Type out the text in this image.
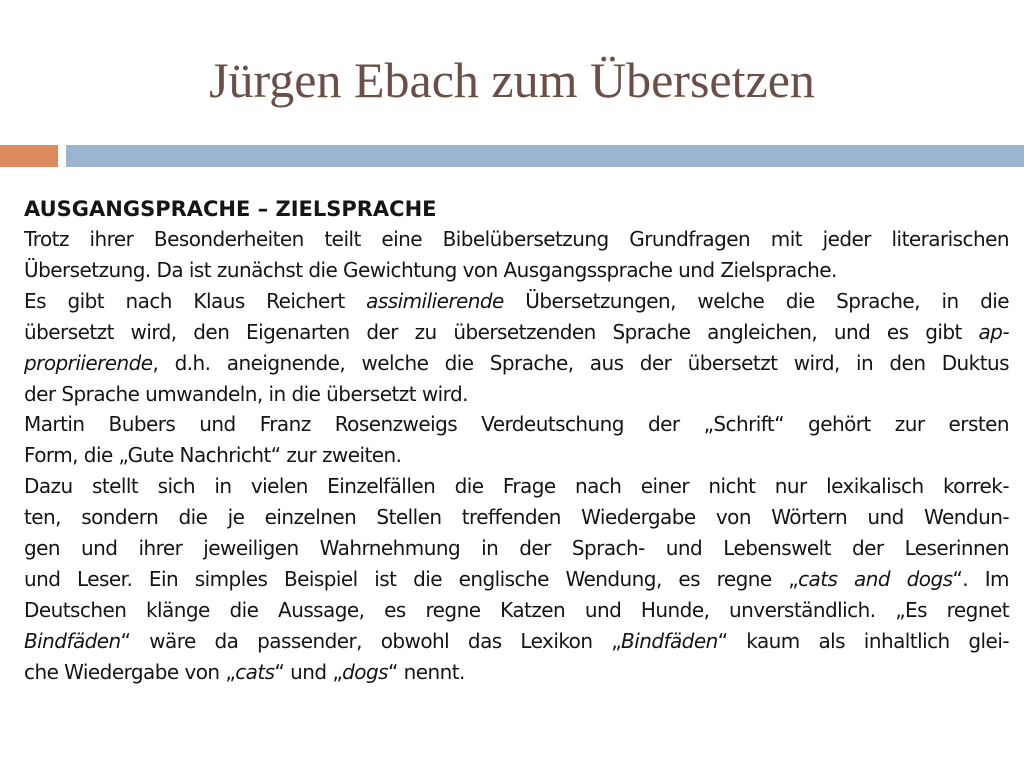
Jürgen Ebach zum Übersetzen
AUSGANGSPRACHE – ZIELSPRACHE
Trotz ihrer Besonderheiten teilt eine Bibelübersetzung Grundfragen mit jeder literarischen
Übersetzung. Da ist zunächst die Gewichtung von Ausgangssprache und Zielsprache.
Es gibt nach Klaus Reichert assimilierende Übersetzungen, welche die Sprache, in die
übersetzt wird, den Eigenarten der zu übersetzenden Sprache angleichen, und es gibt ap-
propriierende, d.h. aneignende, welche die Sprache, aus der übersetzt wird, in den Duktus
der Sprache umwandeln, in die übersetzt wird.
Martin Bubers und Franz Rosenzweigs Verdeutschung der „Schrift“ gehört zur ersten
Form, die „Gute Nachricht“ zur zweiten.
Dazu stellt sich in vielen Einzelfällen die Frage nach einer nicht nur lexikalisch korrek-
ten, sondern die je einzelnen Stellen treffenden Wiedergabe von Wörtern und Wendun-
gen und ihrer jeweiligen Wahrnehmung in der Sprach- und Lebenswelt der Leserinnen
und Leser. Ein simples Beispiel ist die englische Wendung, es regne „cats and dogs“. Im
Deutschen klänge die Aussage, es regne Katzen und Hunde, unverständlich. „Es regnet
Bindfäden“ wäre da passender, obwohl das Lexikon „Bindfäden“ kaum als inhaltlich glei-
che Wiedergabe von „cats“ und „dogs“ nennt.
